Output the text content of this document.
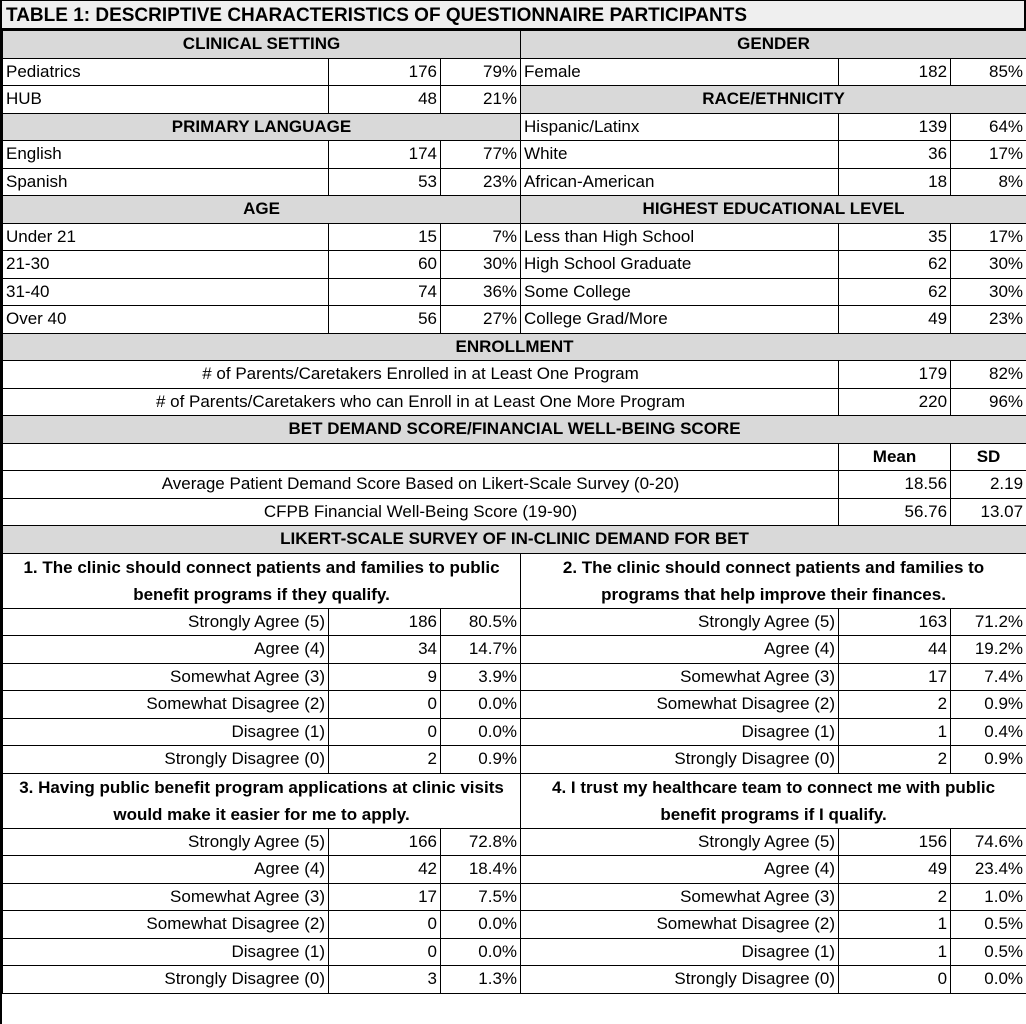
TABLE 1: DESCRIPTIVE CHARACTERISTICS OF QUESTIONNAIRE PARTICIPANTS
CLINICAL SETTING			GENDER		
Pediatrics	176	79%	Female	182	85%
HUB	48	21%	RACE/ETHNICITY		
PRIMARY LANGUAGE			Hispanic/Latinx	139	64%
English	174	77%	White	36	17%
Spanish	53	23%	African-American	18	8%
AGE			HIGHEST EDUCATIONAL LEVEL		
Under 21	15	7%	Less than High School	35	17%
21-30	60	30%	High School Graduate	62	30%
31-40	74	36%	Some College	62	30%
Over 40	56	27%	College Grad/More	49	23%
ENROLLMENT					
# of Parents/Caretakers Enrolled in at Least One Program				179	82%
# of Parents/Caretakers who can Enroll in at Least One More Program				220	96%
BET DEMAND SCORE/FINANCIAL WELL-BEING SCORE					
				Mean	SD
Average Patient Demand Score Based on Likert-Scale Survey (0-20)				18.56	2.19
CFPB Financial Well-Being Score (19-90)				56.76	13.07
LIKERT-SCALE SURVEY OF IN-CLINIC DEMAND FOR BET					
1. The clinic should connect patients and families to public benefit programs if they qualify.			2. The clinic should connect patients and families to programs that help improve their finances.		
Strongly Agree (5)	186	80.5%	Strongly Agree (5)	163	71.2%
Agree (4)	34	14.7%	Agree (4)	44	19.2%
Somewhat Agree (3)	9	3.9%	Somewhat Agree (3)	17	7.4%
Somewhat Disagree (2)	0	0.0%	Somewhat Disagree (2)	2	0.9%
Disagree (1)	0	0.0%	Disagree (1)	1	0.4%
Strongly Disagree (0)	2	0.9%	Strongly Disagree (0)	2	0.9%
3. Having public benefit program applications at clinic visits would make it easier for me to apply.			4. I trust my healthcare team to connect me with public benefit programs if I qualify.		
Strongly Agree (5)	166	72.8%	Strongly Agree (5)	156	74.6%
Agree (4)	42	18.4%	Agree (4)	49	23.4%
Somewhat Agree (3)	17	7.5%	Somewhat Agree (3)	2	1.0%
Somewhat Disagree (2)	0	0.0%	Somewhat Disagree (2)	1	0.5%
Disagree (1)	0	0.0%	Disagree (1)	1	0.5%
Strongly Disagree (0)	3	1.3%	Strongly Disagree (0)	0	0.0%
